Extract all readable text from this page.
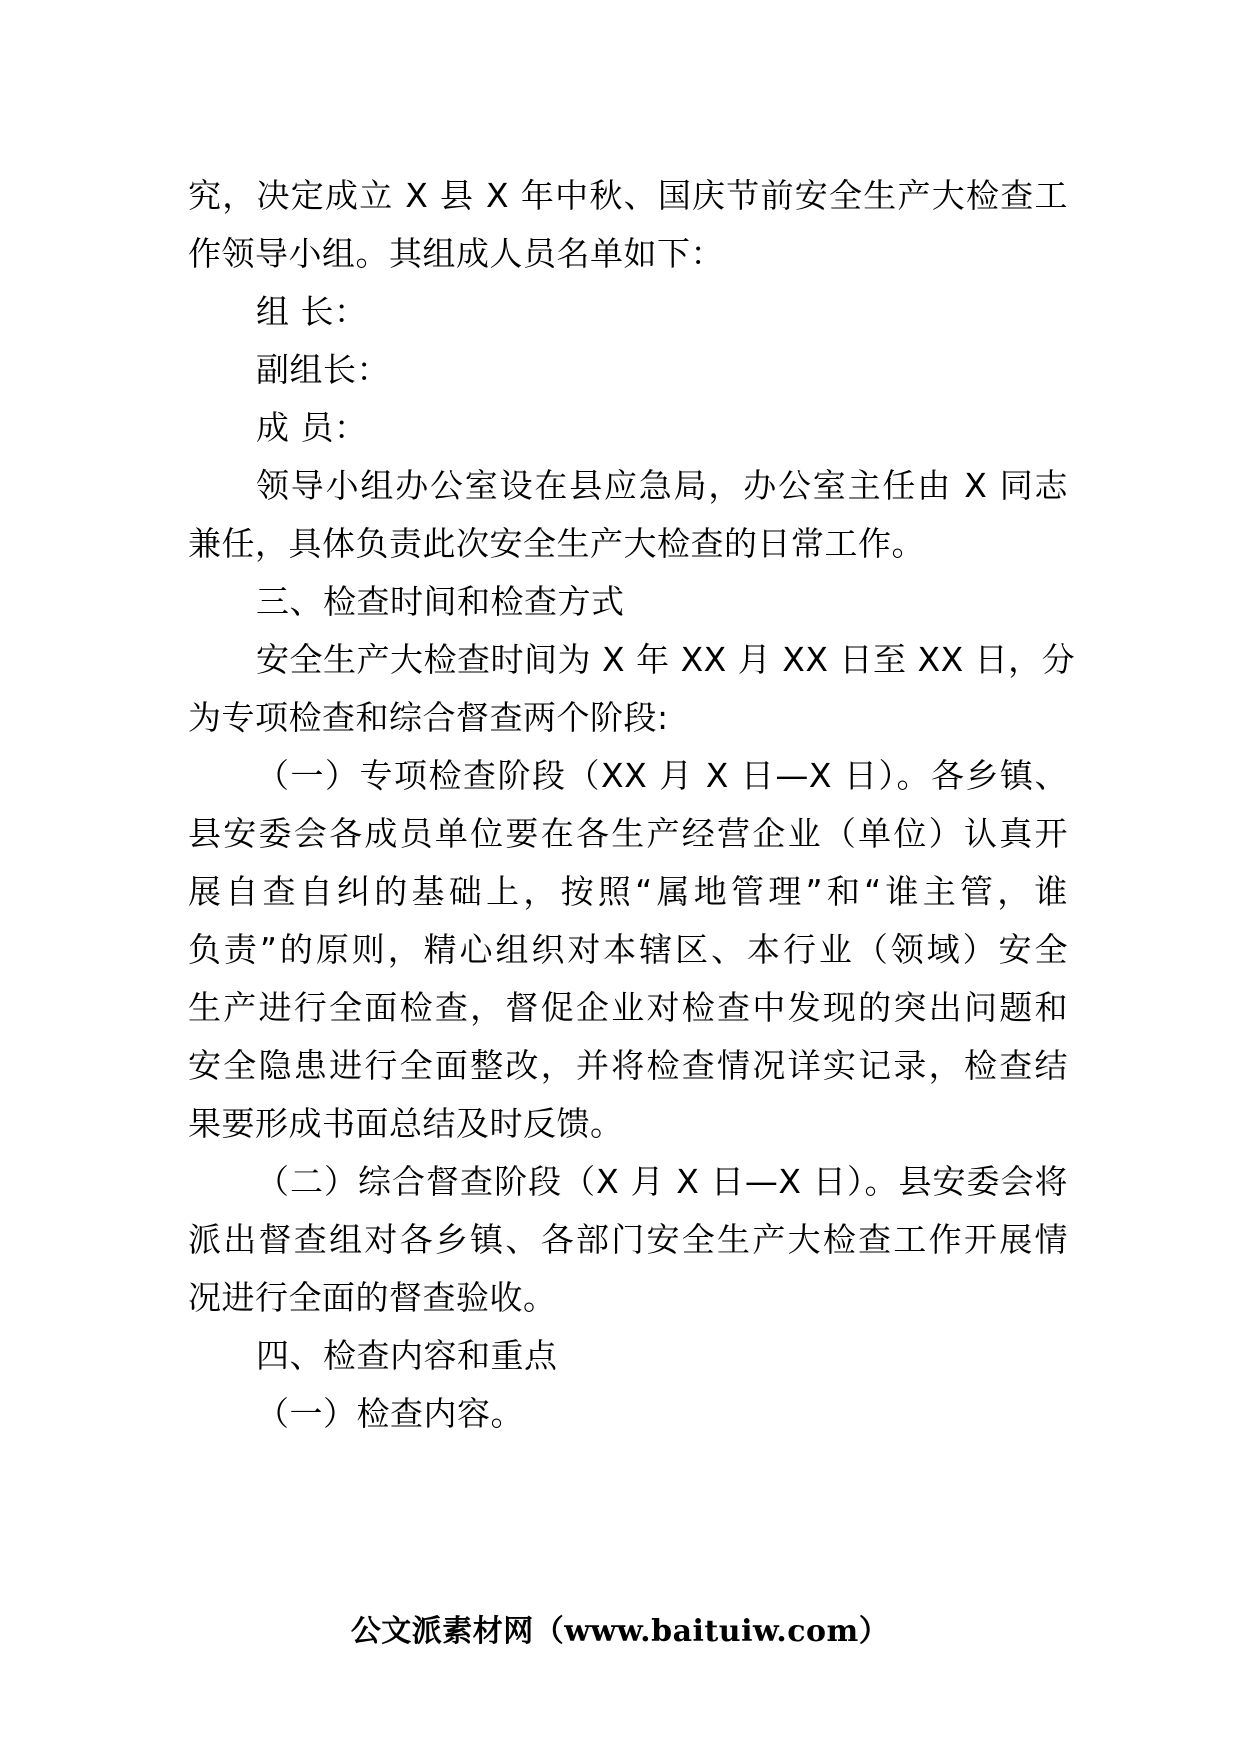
究，决定成立 X 县 X 年中秋、国庆节前安全生产大检查工
作领导小组。其组成人员名单如下：
组 长：
副组长：
成 员：
领导小组办公室设在县应急局，办公室主任由 X 同志
兼任，具体负责此次安全生产大检查的日常工作。
三、检查时间和检查方式
安全生产大检查时间为 X 年 XX 月 XX 日至 XX 日，分
为专项检查和综合督查两个阶段:
（一）专项检查阶段（XX 月 X 日—X 日）。各乡镇、
县安委会各成员单位要在各生产经营企业（单位）认真开
展自查自纠的基础上，按照“属地管理”和“谁主管，谁
负责”的原则，精心组织对本辖区、本行业（领域）安全
生产进行全面检查，督促企业对检查中发现的突出问题和
安全隐患进行全面整改，并将检查情况详实记录，检查结
果要形成书面总结及时反馈。
（二）综合督查阶段（X 月 X 日—X 日）。县安委会将
派出督查组对各乡镇、各部门安全生产大检查工作开展情
况进行全面的督查验收。
四、检查内容和重点
（一）检查内容。
公文派素材网（www.baituiw.com）
